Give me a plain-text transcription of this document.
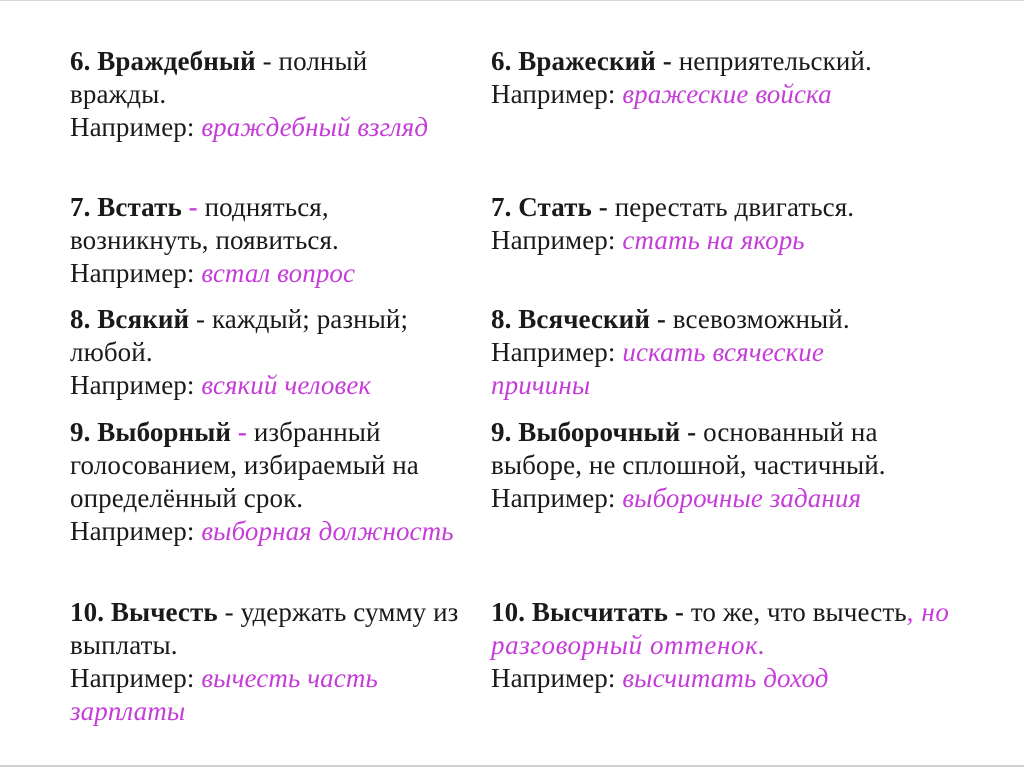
6. Враждебный - полный вражды.
Например: враждебный взгляд
6. Вражеский - неприятельский.
Например: вражеские войска
7. Встать - подняться, возникнуть, появиться.
Например: встал вопрос
7. Стать - перестать двигаться.
Например: стать на якорь
8. Всякий - каждый; разный; любой.
Например: всякий человек
8. Всяческий - всевозможный.
Например: искать всяческие причины
9. Выборный - избранный голосованием, избираемый на определённый срок.
Например: выборная должность
9. Выборочный - основанный на выборе, не сплошной, частичный.
Например: выборочные задания
10. Вычесть - удержать сумму из выплаты.
Например: вычесть часть зарплаты
10. Высчитать - то же, что вычесть, но разговорный оттенок.
Например: высчитать доход
